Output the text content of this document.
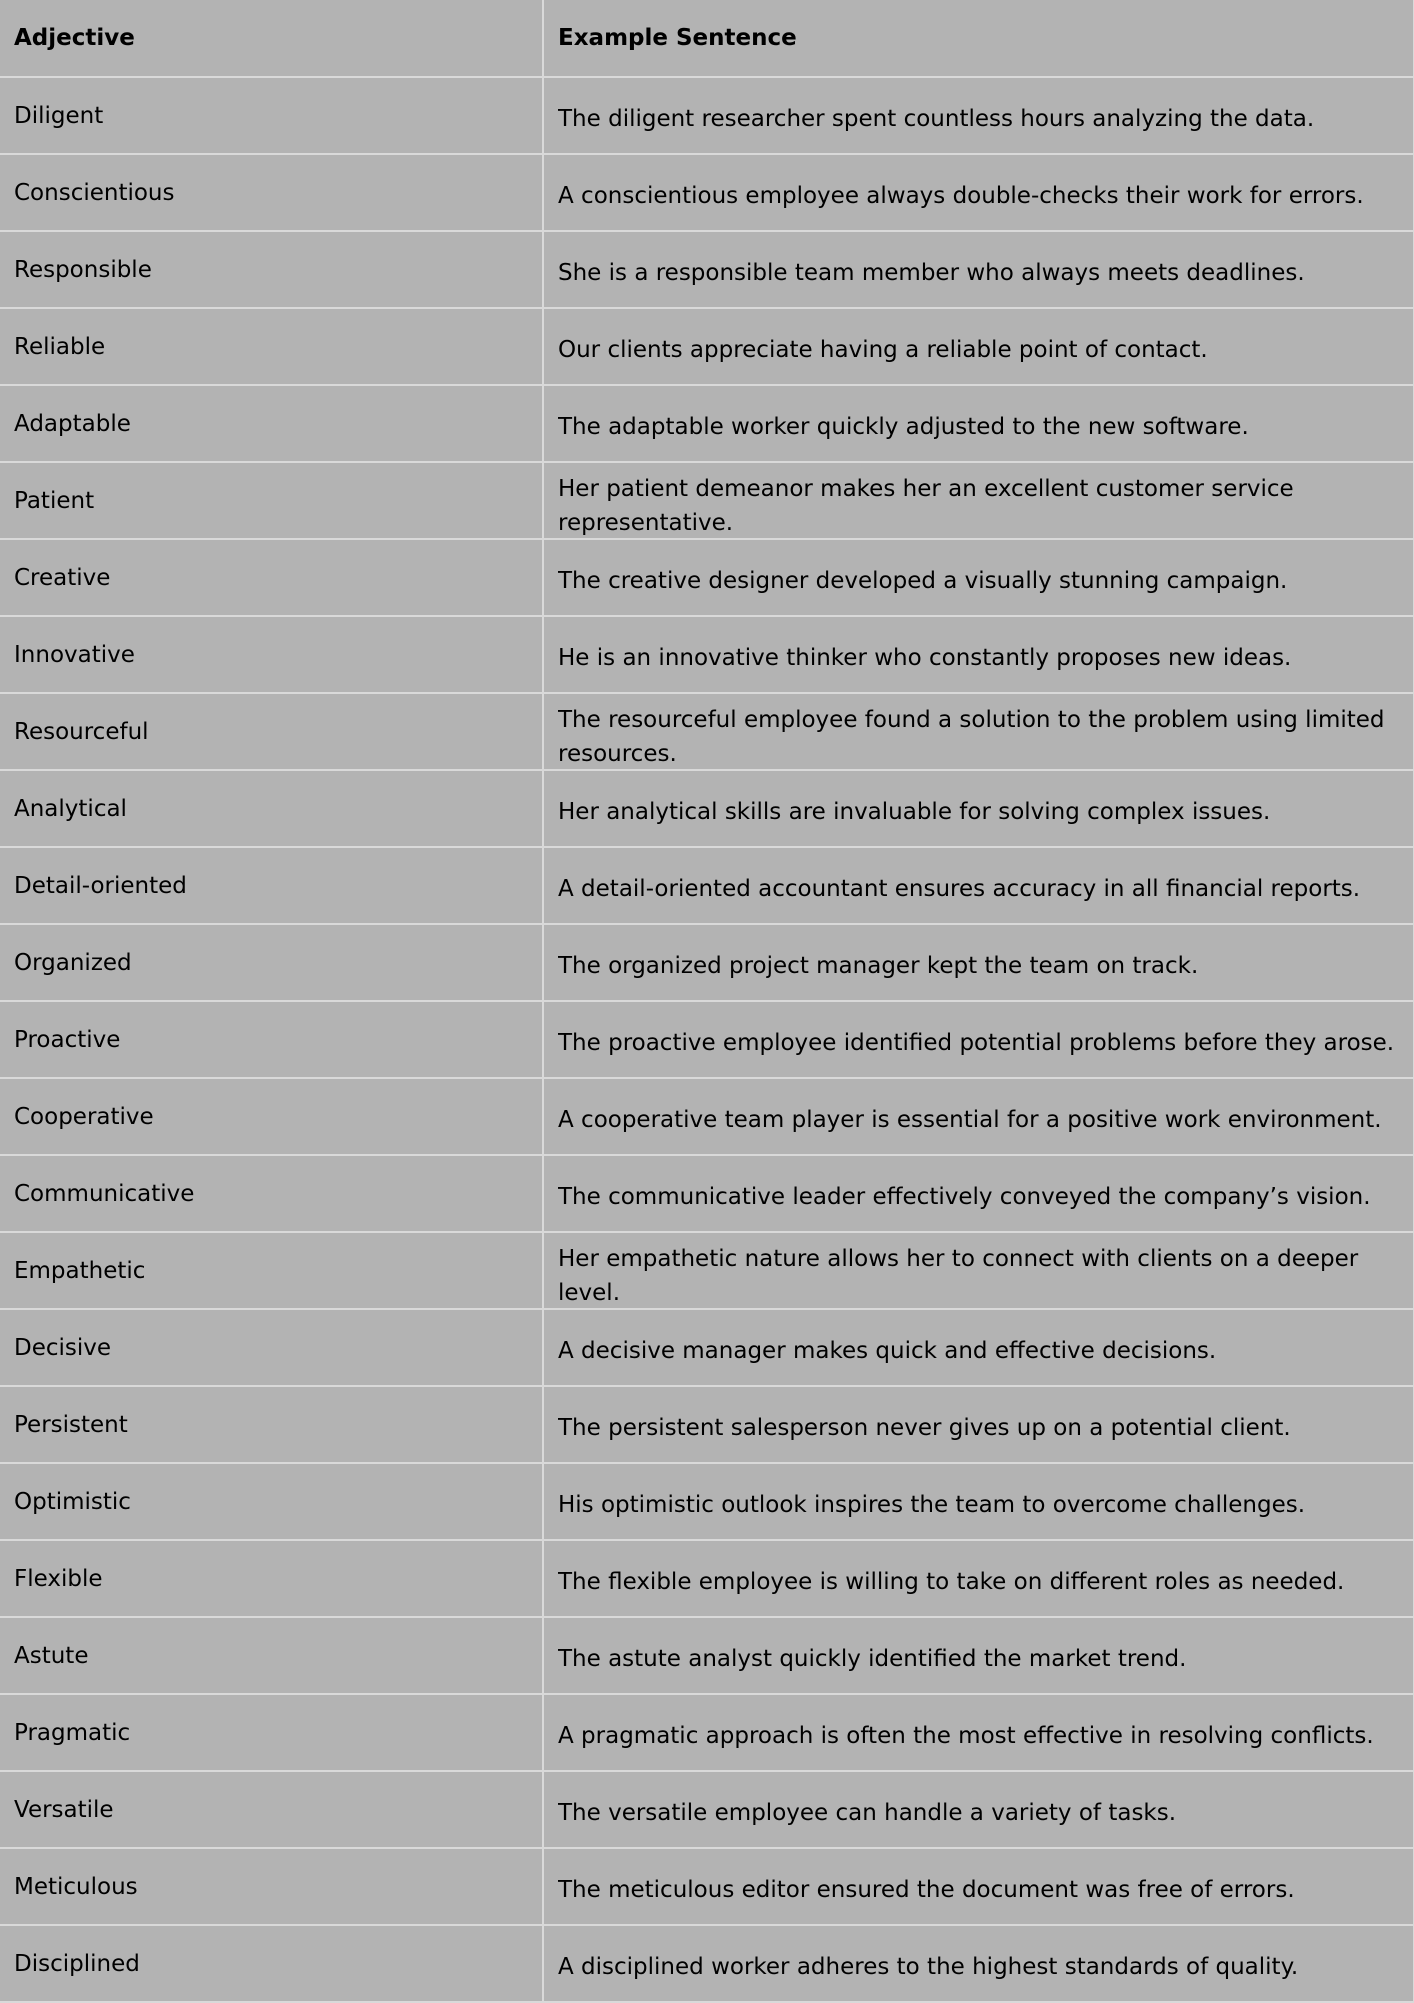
Adjective	Example Sentence
Diligent	The diligent researcher spent countless hours analyzing the data.

Conscientious	A conscientious employee always double-checks their work for errors.

Responsible	She is a responsible team member who always meets deadlines.

Reliable	Our clients appreciate having a reliable point of contact.

Adaptable	The adaptable worker quickly adjusted to the new software.

Patient	Her patient demeanor makes her an excellent customer service representative.

Creative	The creative designer developed a visually stunning campaign.

Innovative	He is an innovative thinker who constantly proposes new ideas.

Resourceful	The resourceful employee found a solution to the problem using limited resources.

Analytical	Her analytical skills are invaluable for solving complex issues.

Detail-oriented	A detail-oriented accountant ensures accuracy in all financial reports.

Organized	The organized project manager kept the team on track.

Proactive	The proactive employee identified potential problems before they arose.

Cooperative	A cooperative team player is essential for a positive work environment.

Communicative	The communicative leader effectively conveyed the company’s vision.

Empathetic	Her empathetic nature allows her to connect with clients on a deeper level.

Decisive	A decisive manager makes quick and effective decisions.

Persistent	The persistent salesperson never gives up on a potential client.

Optimistic	His optimistic outlook inspires the team to overcome challenges.

Flexible	The flexible employee is willing to take on different roles as needed.

Astute	The astute analyst quickly identified the market trend.

Pragmatic	A pragmatic approach is often the most effective in resolving conflicts.

Versatile	The versatile employee can handle a variety of tasks.

Meticulous	The meticulous editor ensured the document was free of errors.

Disciplined	A disciplined worker adheres to the highest standards of quality.
